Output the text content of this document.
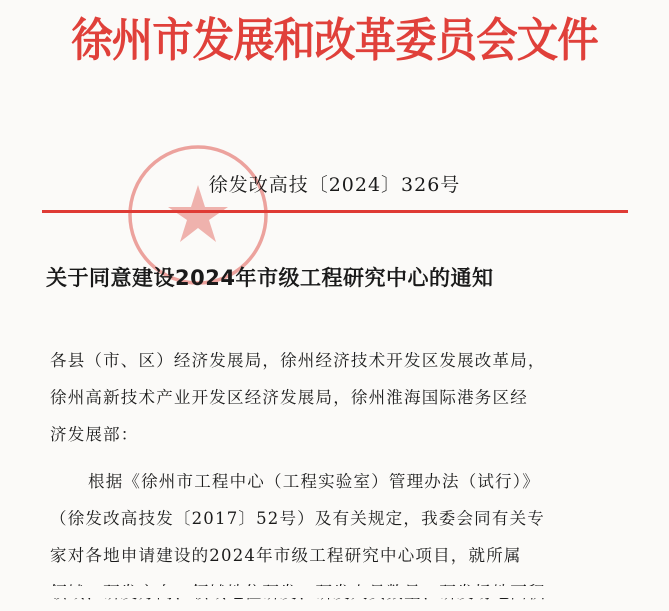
徐州市发展和改革委员会文件
徐发改高技〔2024〕326号
关于同意建设2024年市级工程研究中心的通知
各县（市、区）经济发展局，徐州经济技术开发区发展改革局，
徐州高新技术产业开发区经济发展局，徐州淮海国际港务区经
济发展部：
根据《徐州市工程中心（工程实验室）管理办法（试行）》
（徐发改高技发〔2017〕52号）及有关规定，我委会同有关专
家对各地申请建设的2024年市级工程研究中心项目，就所属
